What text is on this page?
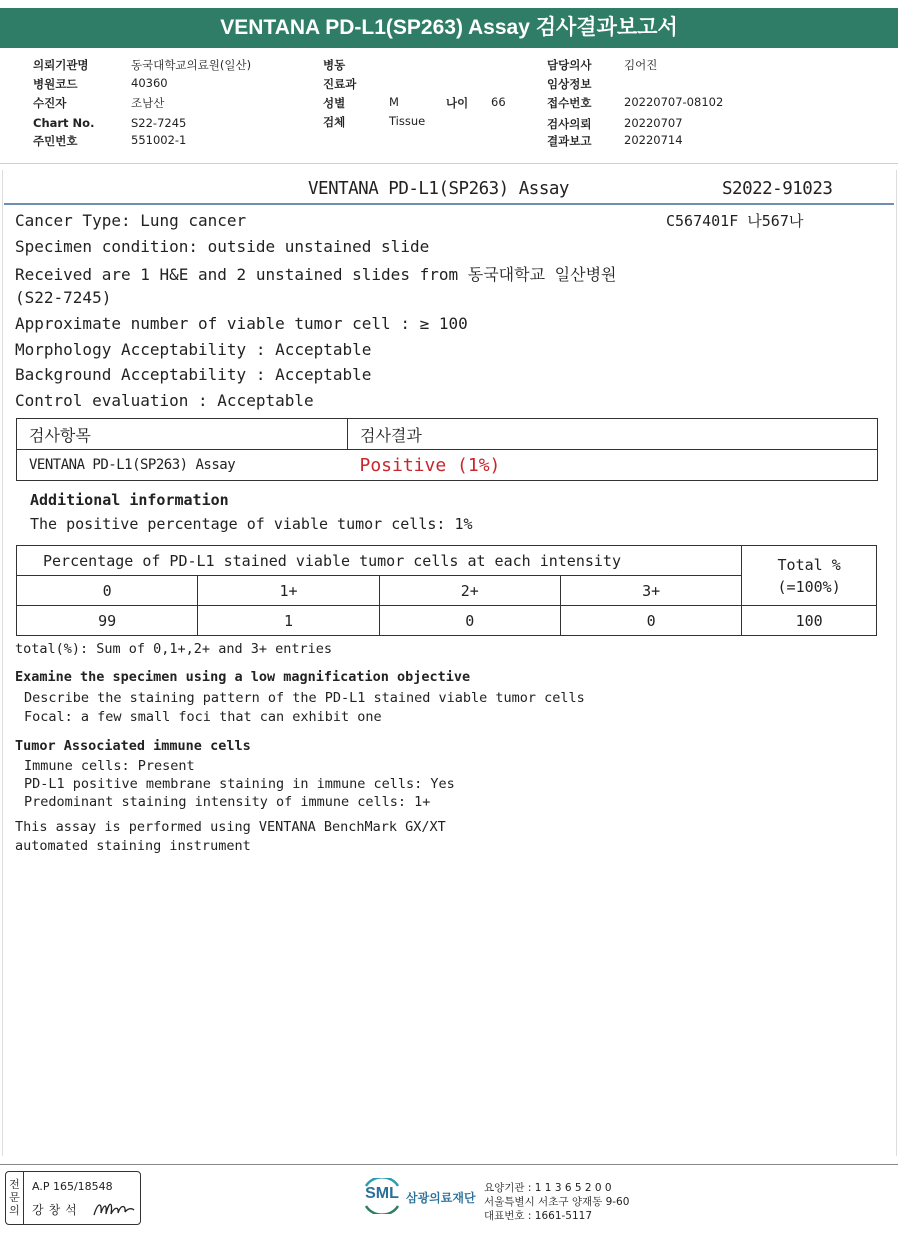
VENTANA PD-L1(SP263) Assay 검사결과보고서
의뢰기관명	동국대학교의료원(일산)
병원코드	40360
수진자	조남산
Chart No.	S22-7245
주민번호	551002-1
병동
진료과
성별	M	나이 66
검체	Tissue
담당의사	김어진
임상정보
접수번호	20220707-08102
검사의뢰	20220707
결과보고	20220714
VENTANA PD-L1(SP263) Assay	S2022-91023
C567401F 나567나
Cancer Type: Lung cancer
Specimen condition: outside unstained slide
Received are 1 H&E and 2 unstained slides from 동국대학교 일산병원
(S22-7245)
Approximate number of viable tumor cell : ≥ 100
Morphology Acceptability : Acceptable
Background Acceptability : Acceptable
Control evaluation : Acceptable
검사항목	검사결과
VENTANA PD-L1(SP263) Assay	Positive (1%)
Additional information
The positive percentage of viable tumor cells: 1%
Percentage of PD-L1 stained viable tumor cells at each intensity				Total %
(=100%)

0	1+	2+	3+	
99	1	0	0	100
total(%): Sum of 0,1+,2+ and 3+ entries
Examine the specimen using a low magnification objective
Describe the staining pattern of the PD-L1 stained viable tumor cells
Focal: a few small foci that can exhibit one
Tumor Associated immune cells
Immune cells: Present
PD-L1 positive membrane staining in immune cells: Yes
Predominant staining intensity of immune cells: 1+
This assay is performed using VENTANA BenchMark GX/XT
automated staining instrument
전
문
의
A.P 165/18548
강창석
SML 삼광의료재단
요양기관 : 1 1 3 6 5 2 0 0
서울특별시 서초구 양재동 9-60
대표번호 : 1661-5117
